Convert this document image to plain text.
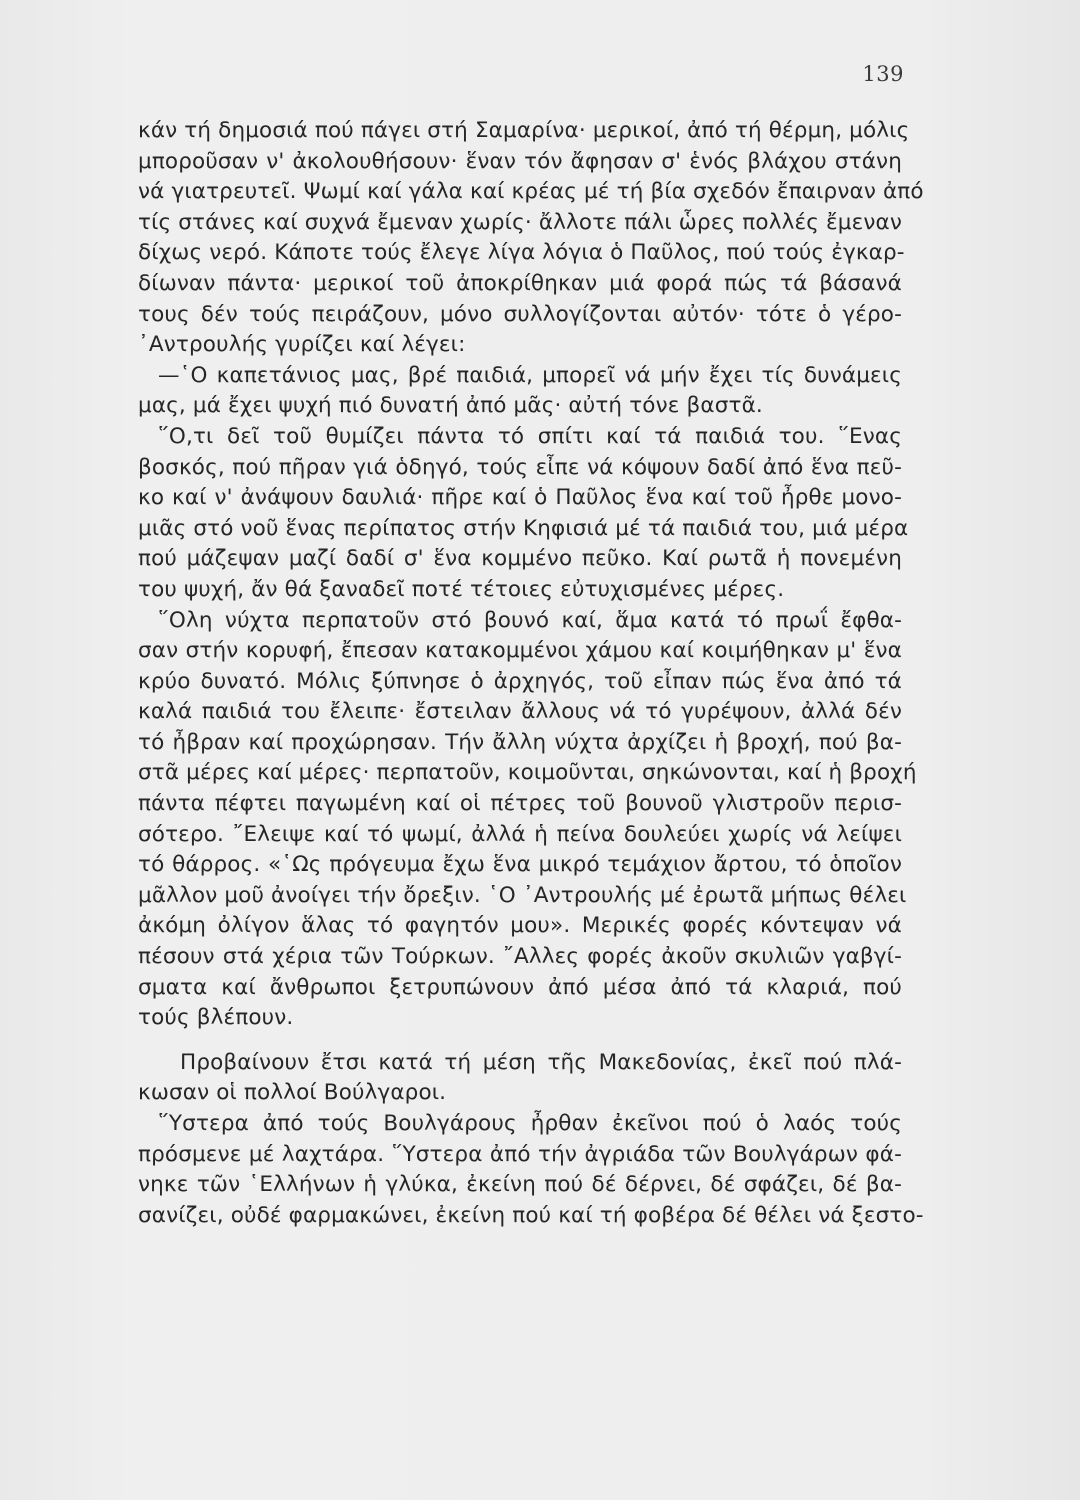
139
κάν τή δημοσιά πού πάγει στή Σαμαρίνα· μερικοί, ἀπό τή θέρμη, μόλις
μποροῦσαν ν' ἀκολουθήσουν· ἕναν τόν ἄφησαν σ' ἑνός βλάχου στάνη
νά γιατρευτεῖ. Ψωμί καί γάλα καί κρέας μέ τή βία σχεδόν ἔπαιρναν ἀπό
τίς στάνες καί συχνά ἔμεναν χωρίς· ἄλλοτε πάλι ὧρες πολλές ἔμεναν
δίχως νερό. Κάποτε τούς ἔλεγε λίγα λόγια ὁ Παῦλος, πού τούς ἐγκαρ-
δίωναν πάντα· μερικοί τοῦ ἀποκρίθηκαν μιά φορά πώς τά βάσανά
τους δέν τούς πειράζουν, μόνο συλλογίζονται αὐτόν· τότε ὁ γέρο-
᾿Αντρουλής γυρίζει καί λέγει:
—῾Ο καπετάνιος μας, βρέ παιδιά, μπορεῖ νά μήν ἔχει τίς δυνάμεις
μας, μά ἔχει ψυχή πιό δυνατή ἀπό μᾶς· αὐτή τόνε βαστᾶ.
῞Ο,τι δεῖ τοῦ θυμίζει πάντα τό σπίτι καί τά παιδιά του. ῞Ενας
βοσκός, πού πῆραν γιά ὁδηγό, τούς εἶπε νά κόψουν δαδί ἀπό ἕνα πεῦ-
κο καί ν' ἀνάψουν δαυλιά· πῆρε καί ὁ Παῦλος ἕνα καί τοῦ ἦρθε μονο-
μιᾶς στό νοῦ ἕνας περίπατος στήν Κηφισιά μέ τά παιδιά του, μιά μέρα
πού μάζεψαν μαζί δαδί σ' ἕνα κομμένο πεῦκο. Καί ρωτᾶ ἡ πονεμένη
του ψυχή, ἄν θά ξαναδεῖ ποτέ τέτοιες εὐτυχισμένες μέρες.
῞Ολη νύχτα περπατοῦν στό βουνό καί, ἅμα κατά τό πρωΐ ἔφθα-
σαν στήν κορυφή, ἔπεσαν κατακομμένοι χάμου καί κοιμήθηκαν μ' ἕνα
κρύο δυνατό. Μόλις ξύπνησε ὁ ἀρχηγός, τοῦ εἶπαν πώς ἕνα ἀπό τά
καλά παιδιά του ἔλειπε· ἔστειλαν ἄλλους νά τό γυρέψουν, ἀλλά δέν
τό ἦβραν καί προχώρησαν. Τήν ἄλλη νύχτα ἀρχίζει ἡ βροχή, πού βα-
στᾶ μέρες καί μέρες· περπατοῦν, κοιμοῦνται, σηκώνονται, καί ἡ βροχή
πάντα πέφτει παγωμένη καί οἱ πέτρες τοῦ βουνοῦ γλιστροῦν περισ-
σότερο. ῎Ελειψε καί τό ψωμί, ἀλλά ἡ πείνα δουλεύει χωρίς νά λείψει
τό θάρρος. «῾Ως πρόγευμα ἔχω ἕνα μικρό τεμάχιον ἄρτου, τό ὁποῖον
μᾶλλον μοῦ ἀνοίγει τήν ὄρεξιν. ῾Ο ᾿Αντρουλής μέ ἐρωτᾶ μήπως θέλει
ἀκόμη ὀλίγον ἅλας τό φαγητόν μου». Μερικές φορές κόντεψαν νά
πέσουν στά χέρια τῶν Τούρκων. ῎Αλλες φορές ἀκοῦν σκυλιῶν γαβγί-
σματα καί ἄνθρωποι ξετρυπώνουν ἀπό μέσα ἀπό τά κλαριά, πού
τούς βλέπουν.
Προβαίνουν ἔτσι κατά τή μέση τῆς Μακεδονίας, ἐκεῖ πού πλά-
κωσαν οἱ πολλοί Βούλγαροι.
῞Υστερα ἀπό τούς Βουλγάρους ἦρθαν ἐκεῖνοι πού ὁ λαός τούς
πρόσμενε μέ λαχτάρα. ῞Υστερα ἀπό τήν ἀγριάδα τῶν Βουλγάρων φά-
νηκε τῶν ῾Ελλήνων ἡ γλύκα, ἐκείνη πού δέ δέρνει, δέ σφάζει, δέ βα-
σανίζει, οὐδέ φαρμακώνει, ἐκείνη πού καί τή φοβέρα δέ θέλει νά ξεστο-
